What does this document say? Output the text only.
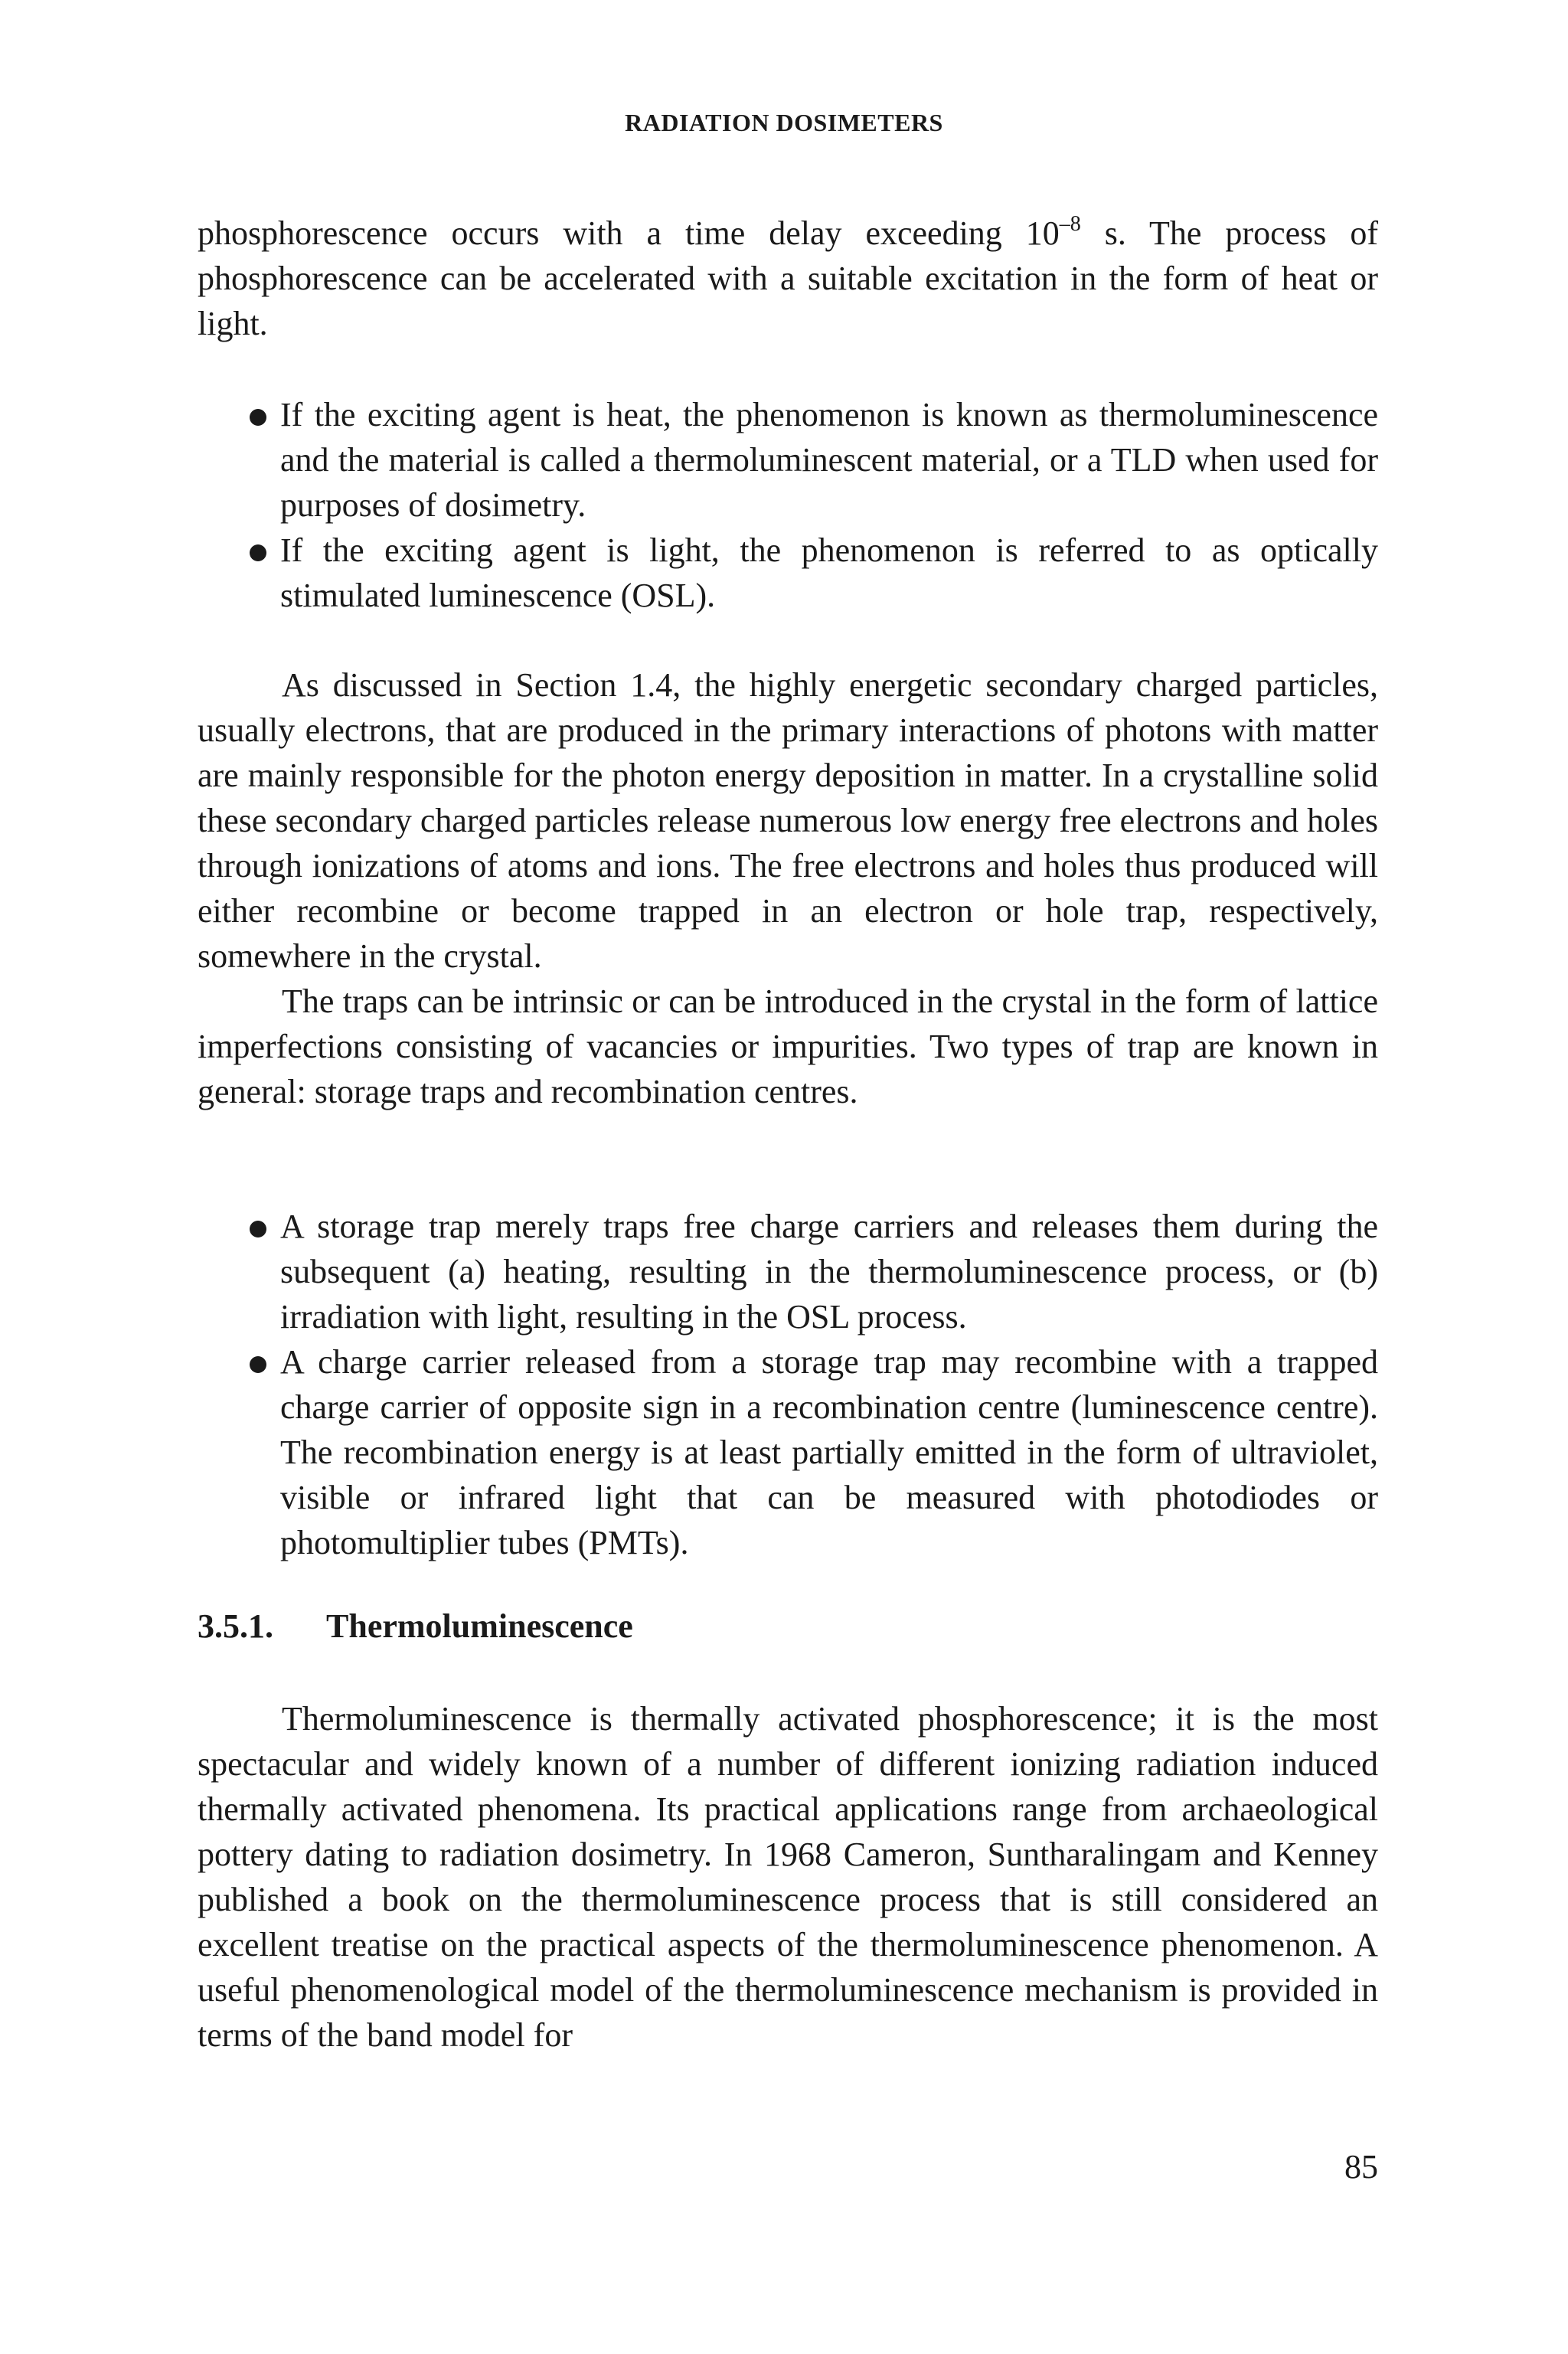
RADIATION DOSIMETERS

phosphorescence occurs with a time delay exceeding $10^{-8}$ s. The process of phosphorescence can be accelerated with a suitable excitation in the form of heat or light.

If the exciting agent is heat, the phenomenon is known as thermoluminescence and the material is called a thermoluminescent material, or a TLD when used for purposes of dosimetry.
If the exciting agent is light, the phenomenon is referred to as optically stimulated luminescence (OSL).

As discussed in Section 1.4, the highly energetic secondary charged particles, usually electrons, that are produced in the primary interactions of photons with matter are mainly responsible for the photon energy deposition in matter. In a crystalline solid these secondary charged particles release numerous low energy free electrons and holes through ionizations of atoms and ions. The free electrons and holes thus produced will either recombine or become trapped in an electron or hole trap, respectively, somewhere in the crystal.

The traps can be intrinsic or can be introduced in the crystal in the form of lattice imperfections consisting of vacancies or impurities. Two types of trap are known in general: storage traps and recombination centres.

A storage trap merely traps free charge carriers and releases them during the subsequent (a) heating, resulting in the thermoluminescence process, or (b) irradiation with light, resulting in the OSL process.
A charge carrier released from a storage trap may recombine with a trapped charge carrier of opposite sign in a recombination centre (luminescence centre). The recombination energy is at least partially emitted in the form of ultraviolet, visible or infrared light that can be measured with photodiodes or photomultiplier tubes (PMTs).
3.5.1. Thermoluminescence

Thermoluminescence is thermally activated phosphorescence; it is the most spectacular and widely known of a number of different ionizing radiation induced thermally activated phenomena. Its practical applications range from archaeological pottery dating to radiation dosimetry. In 1968 Cameron, Suntharalingam and Kenney published a book on the thermoluminescence process that is still considered an excellent treatise on the practical aspects of the thermoluminescence phenomenon. A useful phenomenological model of the thermoluminescence mechanism is provided in terms of the band model for

85
